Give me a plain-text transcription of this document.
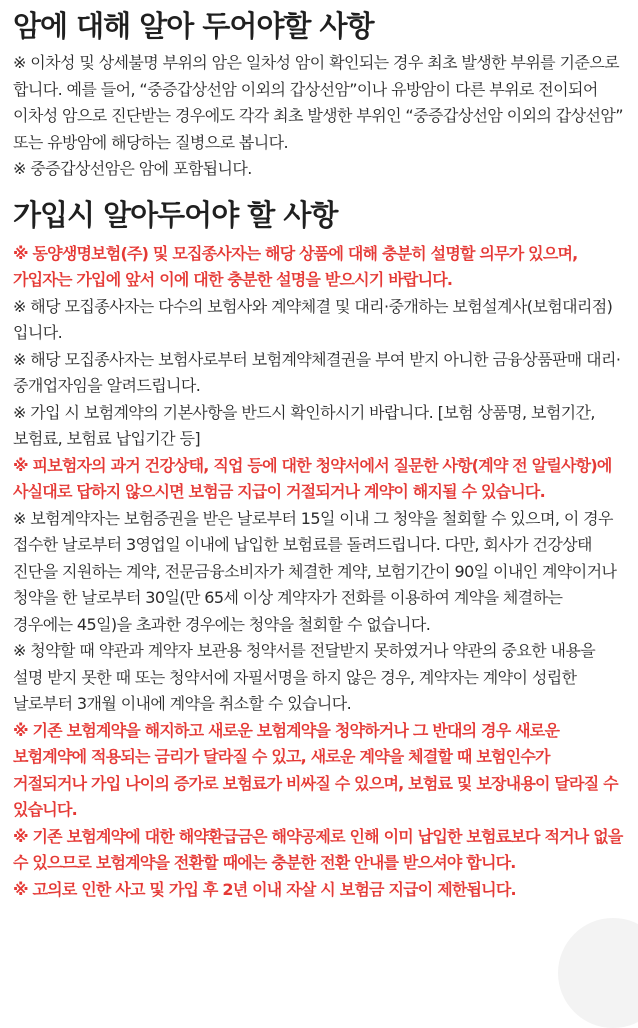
암에 대해 알아 두어야할 사항

※ 이차성 및 상세불명 부위의 암은 일차성 암이 확인되는 경우 최초 발생한 부위를 기준으로 합니다. 예를 들어, “중증갑상선암 이외의 갑상선암”이나 유방암이 다른 부위로 전이되어 이차성 암으로 진단받는 경우에도 각각 최초 발생한 부위인 “중증갑상선암 이외의 갑상선암” 또는 유방암에 해당하는 질병으로 봅니다.

※ 중증갑상선암은 암에 포함됩니다.

가입시 알아두어야 할 사항

※ 동양생명보험(주) 및 모집종사자는 해당 상품에 대해 충분히 설명할 의무가 있으며, 가입자는 가입에 앞서 이에 대한 충분한 설명을 받으시기 바랍니다.

※ 해당 모집종사자는 다수의 보험사와 계약체결 및 대리·중개하는 보험설계사(보험대리점)입니다.

※ 해당 모집종사자는 보험사로부터 보험계약체결권을 부여 받지 아니한 금융상품판매 대리·중개업자임을 알려드립니다.

※ 가입 시 보험계약의 기본사항을 반드시 확인하시기 바랍니다. [보험 상품명, 보험기간, 보험료, 보험료 납입기간 등]

※ 피보험자의 과거 건강상태, 직업 등에 대한 청약서에서 질문한 사항(계약 전 알릴사항)에 사실대로 답하지 않으시면 보험금 지급이 거절되거나 계약이 해지될 수 있습니다.

※ 보험계약자는 보험증권을 받은 날로부터 15일 이내 그 청약을 철회할 수 있으며, 이 경우 접수한 날로부터 3영업일 이내에 납입한 보험료를 돌려드립니다. 다만, 회사가 건강상태 진단을 지원하는 계약, 전문금융소비자가 체결한 계약, 보험기간이 90일 이내인 계약이거나 청약을 한 날로부터 30일(만 65세 이상 계약자가 전화를 이용하여 계약을 체결하는 경우에는 45일)을 초과한 경우에는 청약을 철회할 수 없습니다.

※ 청약할 때 약관과 계약자 보관용 청약서를 전달받지 못하였거나 약관의 중요한 내용을 설명 받지 못한 때 또는 청약서에 자필서명을 하지 않은 경우, 계약자는 계약이 성립한 날로부터 3개월 이내에 계약을 취소할 수 있습니다.

※ 기존 보험계약을 해지하고 새로운 보험계약을 청약하거나 그 반대의 경우 새로운 보험계약에 적용되는 금리가 달라질 수 있고, 새로운 계약을 체결할 때 보험인수가 거절되거나 가입 나이의 증가로 보험료가 비싸질 수 있으며, 보험료 및 보장내용이 달라질 수 있습니다.

※ 기존 보험계약에 대한 해약환급금은 해약공제로 인해 이미 납입한 보험료보다 적거나 없을 수 있으므로 보험계약을 전환할 때에는 충분한 전환 안내를 받으셔야 합니다.

※ 고의로 인한 사고 및 가입 후 2년 이내 자살 시 보험금 지급이 제한됩니다.
